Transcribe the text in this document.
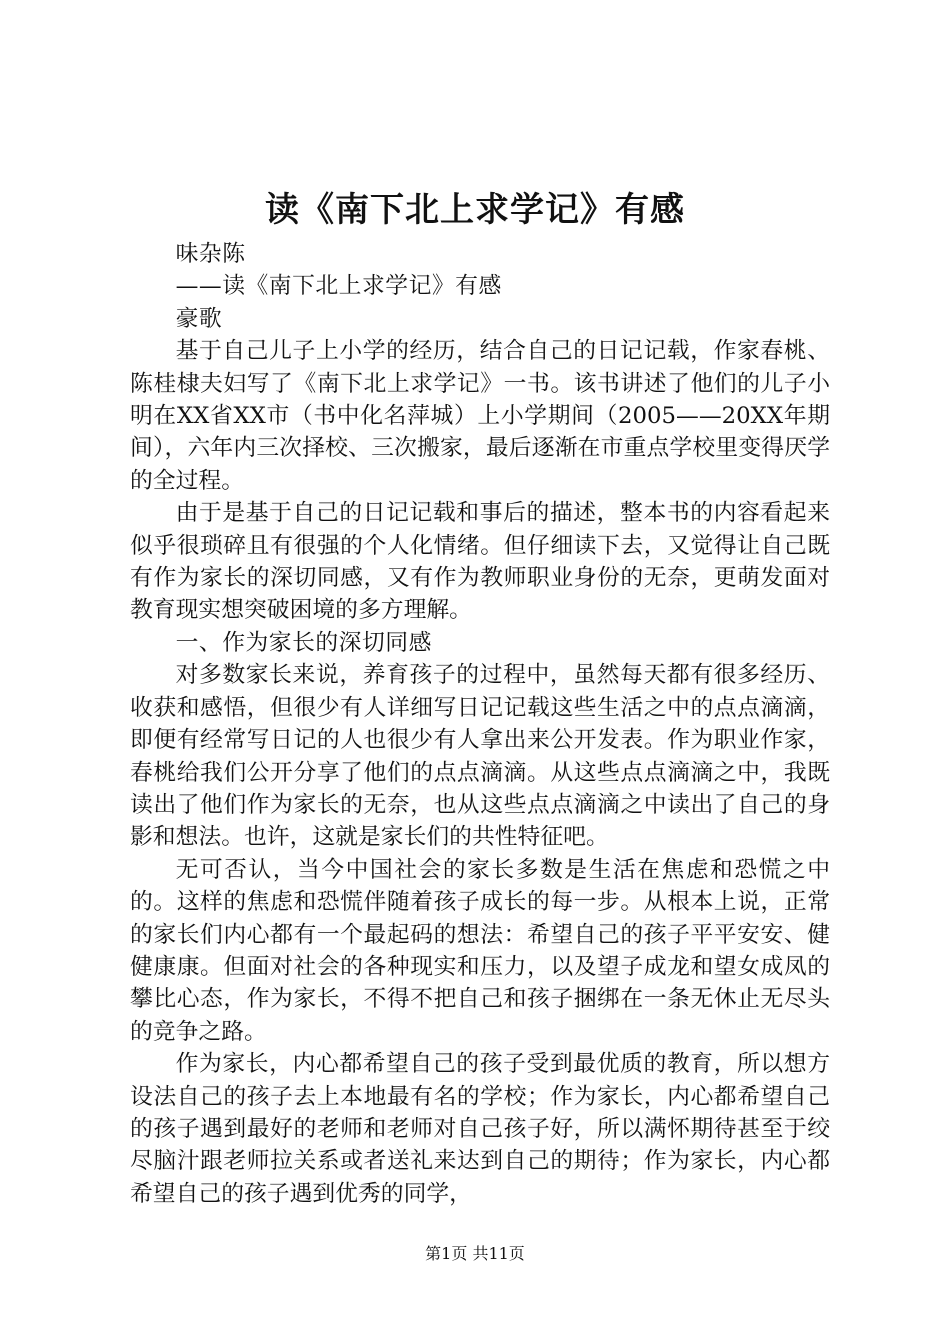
读《南下北上求学记》有感

味杂陈

——读《南下北上求学记》有感

豪歌

基于自己儿子上小学的经历，结合自己的日记记载，作家春桃、陈桂棣夫妇写了《南下北上求学记》一书。该书讲述了他们的儿子小明在XX省XX市（书中化名萍城）上小学期间（2005——20XX年期间），六年内三次择校、三次搬家，最后逐渐在市重点学校里变得厌学的全过程。

由于是基于自己的日记记载和事后的描述，整本书的内容看起来似乎很琐碎且有很强的个人化情绪。但仔细读下去，又觉得让自己既有作为家长的深切同感，又有作为教师职业身份的无奈，更萌发面对教育现实想突破困境的多方理解。

一、作为家长的深切同感

对多数家长来说，养育孩子的过程中，虽然每天都有很多经历、收获和感悟，但很少有人详细写日记记载这些生活之中的点点滴滴，即便有经常写日记的人也很少有人拿出来公开发表。作为职业作家，春桃给我们公开分享了他们的点点滴滴。从这些点点滴滴之中，我既读出了他们作为家长的无奈，也从这些点点滴滴之中读出了自己的身影和想法。也许，这就是家长们的共性特征吧。

无可否认，当今中国社会的家长多数是生活在焦虑和恐慌之中的。这样的焦虑和恐慌伴随着孩子成长的每一步。从根本上说，正常的家长们内心都有一个最起码的想法：希望自己的孩子平平安安、健健康康。但面对社会的各种现实和压力，以及望子成龙和望女成凤的攀比心态，作为家长，不得不把自己和孩子捆绑在一条无休止无尽头的竞争之路。

作为家长，内心都希望自己的孩子受到最优质的教育，所以想方设法自己的孩子去上本地最有名的学校；作为家长，内心都希望自己的孩子遇到最好的老师和老师对自己孩子好，所以满怀期待甚至于绞尽脑汁跟老师拉关系或者送礼来达到自己的期待；作为家长，内心都希望自己的孩子遇到优秀的同学，

第1页 共11页
